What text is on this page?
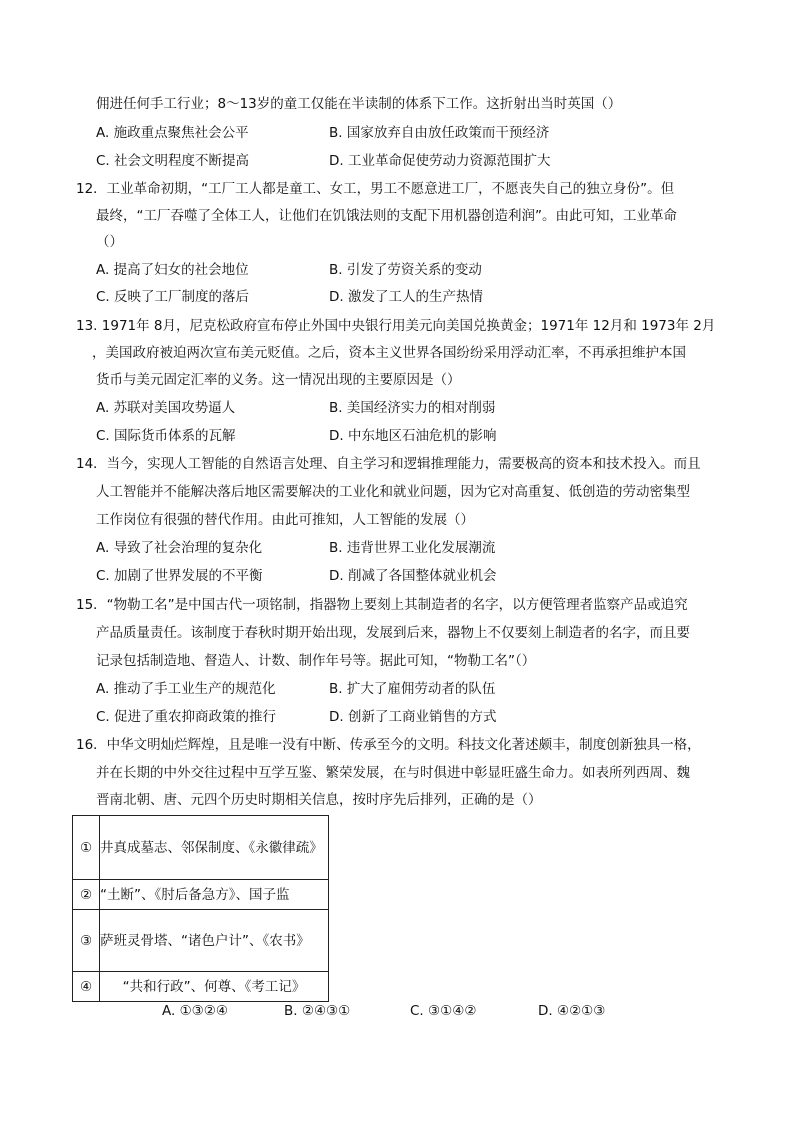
佣进任何手工行业；8～13岁的童工仅能在半读制的体系下工作。这折射出当时英国（）
A. 施政重点聚焦社会公平	B. 国家放弃自由放任政策而干预经济
C. 社会文明程度不断提高	D. 工业革命促使劳动力资源范围扩大
12．工业革命初期，“工厂工人都是童工、女工，男工不愿意进工厂，不愿丧失自己的独立身份”。但
最终，“工厂吞噬了全体工人，让他们在饥饿法则的支配下用机器创造利润”。由此可知，工业革命
（）
A. 提高了妇女的社会地位	B. 引发了劳资关系的变动
C. 反映了工厂制度的落后	D. 激发了工人的生产热情
13. 1971年 8月，尼克松政府宣布停止外国中央银行用美元向美国兑换黄金；1971年 12月和 1973年 2月
，美国政府被迫两次宣布美元贬值。之后，资本主义世界各国纷纷采用浮动汇率，不再承担维护本国
货币与美元固定汇率的义务。这一情况出现的主要原因是（）
A. 苏联对美国攻势逼人	B. 美国经济实力的相对削弱
C. 国际货币体系的瓦解	D. 中东地区石油危机的影响
14．当今，实现人工智能的自然语言处理、自主学习和逻辑推理能力，需要极高的资本和技术投入。而且
人工智能并不能解决落后地区需要解决的工业化和就业问题，因为它对高重复、低创造的劳动密集型
工作岗位有很强的替代作用。由此可推知，人工智能的发展（）
A. 导致了社会治理的复杂化	B. 违背世界工业化发展潮流
C. 加剧了世界发展的不平衡	D. 削减了各国整体就业机会
15．“物勒工名”是中国古代一项铭制，指器物上要刻上其制造者的名字，以方便管理者监察产品或追究
产品质量责任。该制度于春秋时期开始出现，发展到后来，器物上不仅要刻上制造者的名字，而且要
记录包括制造地、督造人、计数、制作年号等。据此可知，“物勒工名”（）
A. 推动了手工业生产的规范化	B. 扩大了雇佣劳动者的队伍
C. 促进了重农抑商政策的推行	D. 创新了工商业销售的方式
16．中华文明灿烂辉煌，且是唯一没有中断、传承至今的文明。科技文化著述颇丰，制度创新独具一格，
并在长期的中外交往过程中互学互鉴、繁荣发展，在与时俱进中彰显旺盛生命力。如表所列西周、魏
晋南北朝、唐、元四个历史时期相关信息，按时序先后排列，正确的是（）
①	井真成墓志、邻保制度、《永徽律疏》
②	“土断”、《肘后备急方》、国子监
③	萨班灵骨塔、“诸色户计”、《农书》
④	“共和行政”、何尊、《考工记》
A. ①③②④	B. ②④③①	C. ③①④②	D. ④②①③
